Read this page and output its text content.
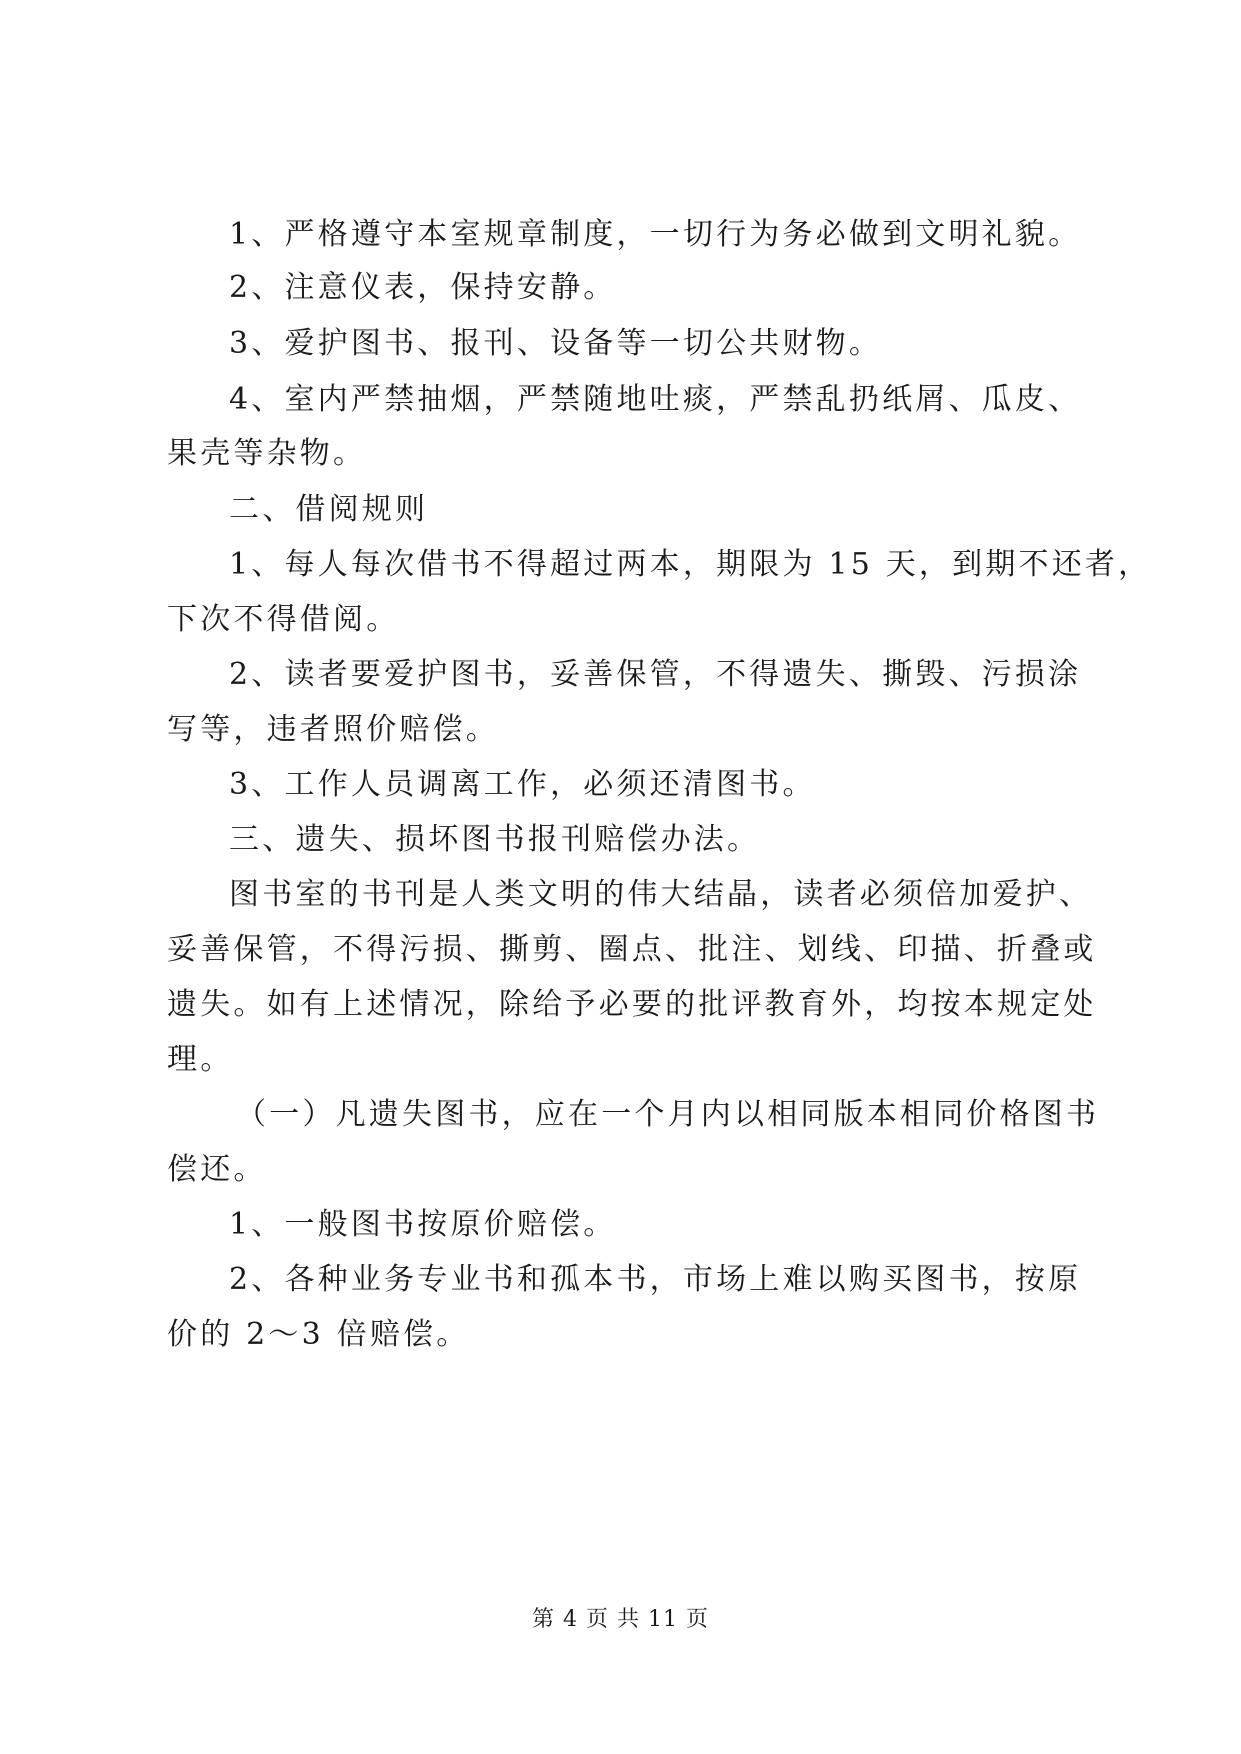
1、严格遵守本室规章制度，一切行为务必做到文明礼貌。
2、注意仪表，保持安静。
3、爱护图书、报刊、设备等一切公共财物。
4、室内严禁抽烟，严禁随地吐痰，严禁乱扔纸屑、瓜皮、
果壳等杂物。
二、借阅规则
1、每人每次借书不得超过两本，期限为 15 天，到期不还者，
下次不得借阅。
2、读者要爱护图书，妥善保管，不得遗失、撕毁、污损涂
写等，违者照价赔偿。
3、工作人员调离工作，必须还清图书。
三、遗失、损坏图书报刊赔偿办法。
图书室的书刊是人类文明的伟大结晶，读者必须倍加爱护、
妥善保管，不得污损、撕剪、圈点、批注、划线、印描、折叠或
遗失。如有上述情况，除给予必要的批评教育外，均按本规定处
理。
（一）凡遗失图书，应在一个月内以相同版本相同价格图书
偿还。
1、一般图书按原价赔偿。
2、各种业务专业书和孤本书，市场上难以购买图书，按原
价的 2～3 倍赔偿。
第 4 页 共 11 页
